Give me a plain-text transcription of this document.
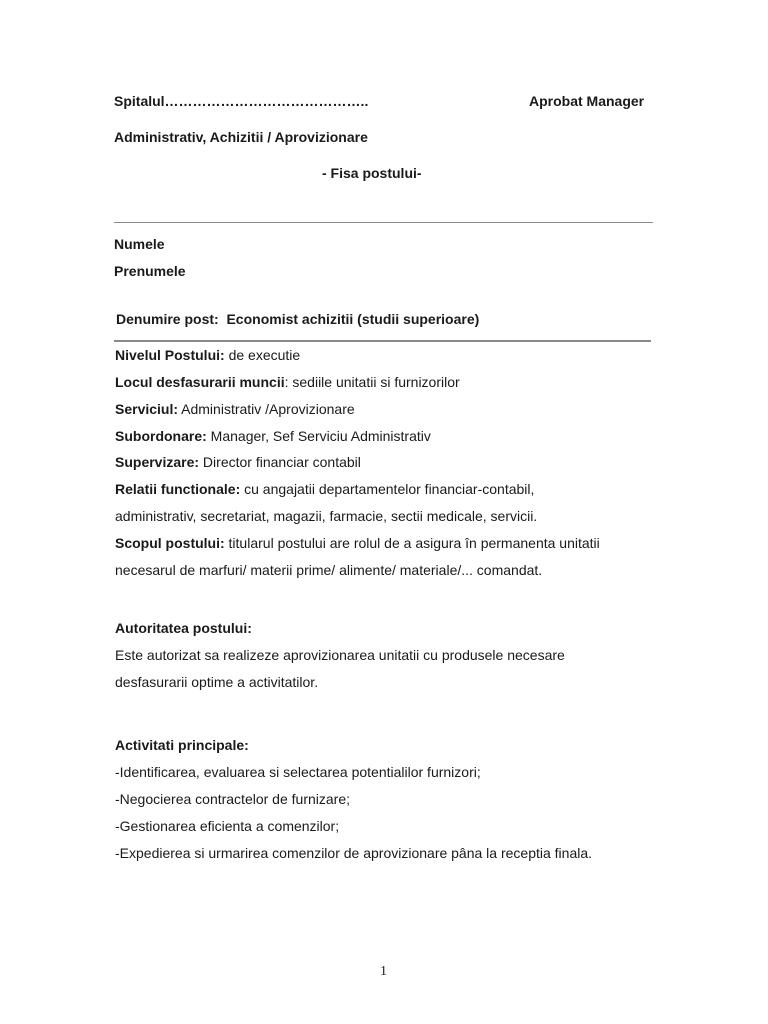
Spitalul……………………………………..	Aprobat Manager
Administrativ, Achizitii / Aprovizionare
- Fisa postului-
Numele
Prenumele
Denumire post: Economist achizitii (studii superioare)
Nivelul Postului: de executie
Locul desfasurarii muncii: sediile unitatii si furnizorilor
Serviciul: Administrativ /Aprovizionare
Subordonare: Manager, Sef Serviciu Administrativ
Supervizare: Director financiar contabil
Relatii functionale: cu angajatii departamentelor financiar-contabil,
administrativ, secretariat, magazii, farmacie, sectii medicale, servicii.
Scopul postului: titularul postului are rolul de a asigura în permanenta unitatii
necesarul de marfuri/ materii prime/ alimente/ materiale/... comandat.
Autoritatea postului:
Este autorizat sa realizeze aprovizionarea unitatii cu produsele necesare
desfasurarii optime a activitatilor.
Activitati principale:
-Identificarea, evaluarea si selectarea potentialilor furnizori;
-Negocierea contractelor de furnizare;
-Gestionarea eficienta a comenzilor;
-Expedierea si urmarirea comenzilor de aprovizionare pâna la receptia finala.
1
